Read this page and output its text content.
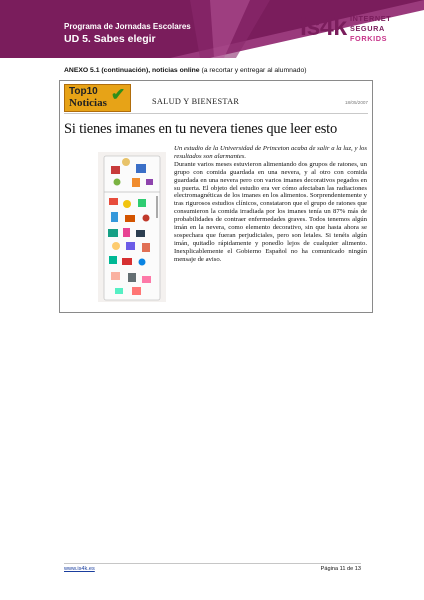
Programa de Jornadas Escolares
UD 5. Sabes elegir	is4k INTERNET
SEGURA
FORKIDS
ANEXO 5.1 (continuación), noticias online (a recortar y entregar al alumnado)
Top10
Noticias ✔	SALUD Y BIENESTAR	18/05/2007
Si tienes imanes en tu nevera tienes que leer esto

Un estudio de la Universidad de Princeton acaba de salir a la luz, y los resultados son alarmantes.

Durante varios meses estuvieron alimentando dos grupos de ratones, un grupo con comida guardada en una nevera, y al otro con comida guardada en una nevera pero con varios imanes decorativos pegados en su puerta. El objeto del estudio era ver cómo afectaban las radiaciones electromagnéticas de los imanes en los alimentos. Sorprendentemente y tras rigurosos estudios clínicos, constataron que el grupo de ratones que consumieron la comida irradiada por los imanes tenía un 87% más de probabilidades de contraer enfermedades graves. Todos tenemos algún imán en la nevera, como elemento decorativo, sin que hasta ahora se sospechara que fueran perjudiciales, pero son letales. Si tenéis algún imán, quitadlo rápidamente y ponedlo lejos de cualquier alimento. Inexplicablemente el Gobierno Español no ha comunicado ningún mensaje de aviso.

www.is4k.es	Página 11 de 13
